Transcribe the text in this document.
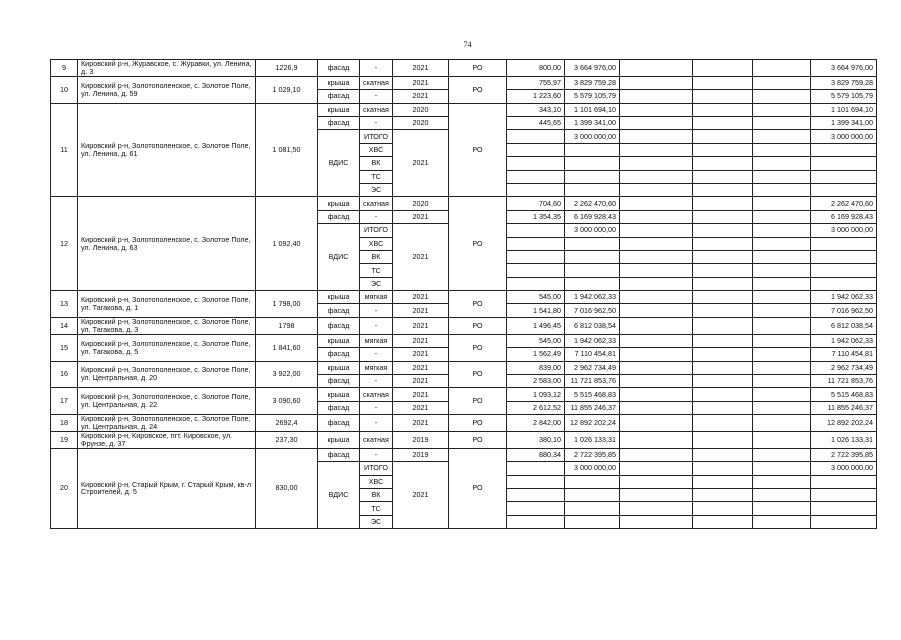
74
9	Кировский р-н, Журавское, с. Журавки, ул. Ленина, д. 3	1226,9	фасад	-	2021	РО	800,00	3 664 976,00				3 664 976,00
10	Кировский р-н, Золотополенское, с. Золотое Поле, ул. Ленина, д. 59	1 029,10	крыша	скатная	2021	РО	755,97	3 829 759,28				3 829 759,28
			фасад	-	2021		1 223,60	5 579 105,79				5 579 105,79
11	Кировский р-н, Золотополенское, с. Золотое Поле, ул. Ленина, д. 61	1 081,50	крыша	скатная	2020	РО	343,10	1 101 694,10				1 101 694,10
			фасад	-	2020		445,65	1 399 341,00				1 399 341,00
			ВДИС	ИТОГО	2021			3 000 000,00				3 000 000,00
				ХВС								
				ВК								
				ТС								
				ЭС								
12	Кировский р-н, Золотополенское, с. Золотое Поле, ул. Ленина, д. 63	1 092,40	крыша	скатная	2020	РО	704,60	2 262 470,60				2 262 470,60
			фасад	-	2021		1 354,35	6 169 928,43				6 169 928,43
			ВДИС	ИТОГО	2021			3 000 000,00				3 000 000,00
				ХВС								
				ВК								
				ТС								
				ЭС								
13	Кировский р-н, Золотополенское, с. Золотое Поле, ул. Тагакова, д. 1	1 798,00	крыша	мягкая	2021	РО	545,00	1 942 062,33				1 942 062,33
			фасад	-	2021		1 541,80	7 016 962,50				7 016 962,50
14	Кировский р-н, Золотополенское, с. Золотое Поле, ул. Тагакова, д. 3	1798	фасад	-	2021	РО	1 496,45	6 812 038,54				6 812 038,54
15	Кировский р-н, Золотополенское, с. Золотое Поле, ул. Тагакова, д. 5	1 841,60	крыша	мягкая	2021	РО	545,00	1 942 062,33				1 942 062,33
			фасад	-	2021		1 562,49	7 110 454,81				7 110 454,81
16	Кировский р-н, Золотополенское, с. Золотое Поле, ул. Центральная, д. 20	3 922,00	крыша	мягкая	2021	РО	839,00	2 962 734,49				2 962 734,49
			фасад	-	2021		2 583,00	11 721 853,76				11 721 853,76
17	Кировский р-н, Золотополенское, с. Золотое Поле, ул. Центральная, д. 22	3 090,60	крыша	скатная	2021	РО	1 093,12	5 515 468,83				5 515 468,83
			фасад	-	2021		2 612,52	11 855 246,37				11 855 246,37
18	Кировский р-н, Золотополенское, с. Золотое Поле, ул. Центральная, д. 24	2692,4	фасад	-	2021	РО	2 842,00	12 892 202,24				12 892 202,24
19	Кировский р-н, Кировское, пгт. Кировское, ул. Фрунзе, д. 37	237,30	крыша	скатная	2019	РО	380,10	1 026 133,31				1 026 133,31
20	Кировский р-н, Старый Крым, г. Старый Крым, кв-л Строителей, д. 5	830,00	фасад	-	2019	РО	880,34	2 722 395,85				2 722 395,85
			ВДИС	ИТОГО	2021			3 000 000,00				3 000 000,00
				ХВС								
				ВК								
				ТС								
				ЭС								
